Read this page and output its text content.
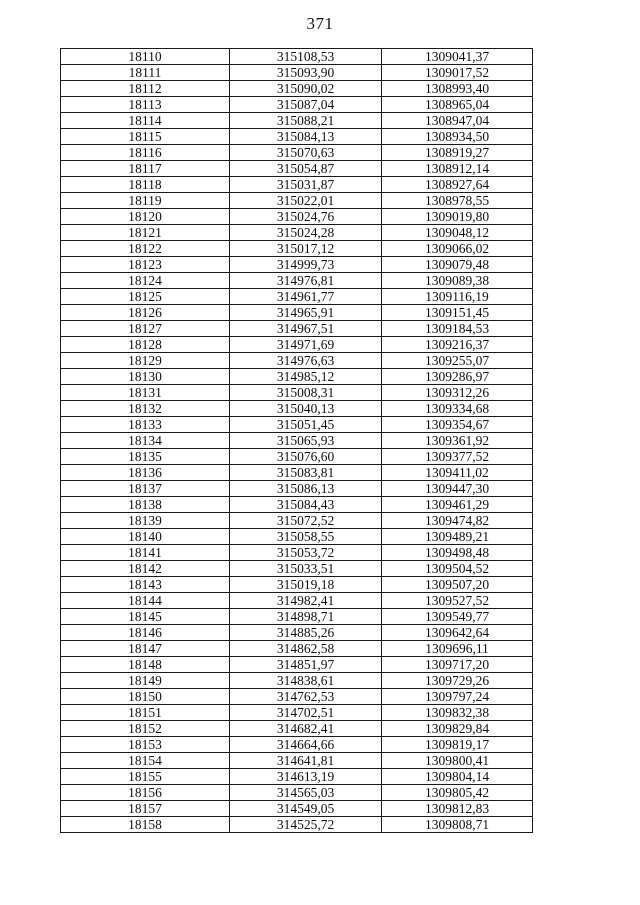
371
18110	315108,53	1309041,37
18111	315093,90	1309017,52
18112	315090,02	1308993,40
18113	315087,04	1308965,04
18114	315088,21	1308947,04
18115	315084,13	1308934,50
18116	315070,63	1308919,27
18117	315054,87	1308912,14
18118	315031,87	1308927,64
18119	315022,01	1308978,55
18120	315024,76	1309019,80
18121	315024,28	1309048,12
18122	315017,12	1309066,02
18123	314999,73	1309079,48
18124	314976,81	1309089,38
18125	314961,77	1309116,19
18126	314965,91	1309151,45
18127	314967,51	1309184,53
18128	314971,69	1309216,37
18129	314976,63	1309255,07
18130	314985,12	1309286,97
18131	315008,31	1309312,26
18132	315040,13	1309334,68
18133	315051,45	1309354,67
18134	315065,93	1309361,92
18135	315076,60	1309377,52
18136	315083,81	1309411,02
18137	315086,13	1309447,30
18138	315084,43	1309461,29
18139	315072,52	1309474,82
18140	315058,55	1309489,21
18141	315053,72	1309498,48
18142	315033,51	1309504,52
18143	315019,18	1309507,20
18144	314982,41	1309527,52
18145	314898,71	1309549,77
18146	314885,26	1309642,64
18147	314862,58	1309696,11
18148	314851,97	1309717,20
18149	314838,61	1309729,26
18150	314762,53	1309797,24
18151	314702,51	1309832,38
18152	314682,41	1309829,84
18153	314664,66	1309819,17
18154	314641,81	1309800,41
18155	314613,19	1309804,14
18156	314565,03	1309805,42
18157	314549,05	1309812,83
18158	314525,72	1309808,71
